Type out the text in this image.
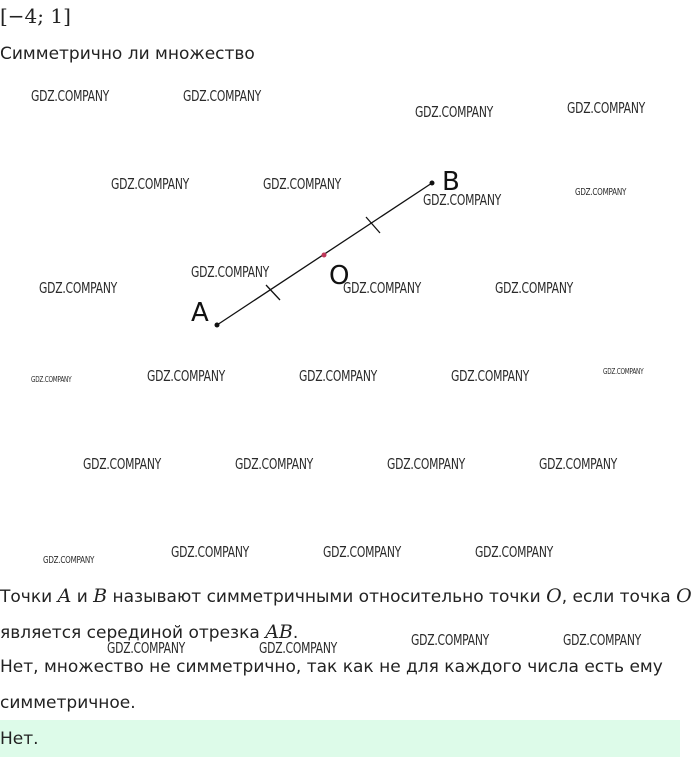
[−4; 1]
Симметрично ли множество
GDZ.COMPANY	GDZ.COMPANY
GDZ.COMPANY	GDZ.COMPANY
GDZ.COMPANY	GDZ.COMPANY
GDZ.COMPANY	GDZ.COMPANY
GDZ.COMPANY
GDZ.COMPANY	GDZ.COMPANY	GDZ.COMPANY
GDZ.COMPANY	GDZ.COMPANY	GDZ.COMPANY	GDZ.COMPANY	GDZ.COMPANY
GDZ.COMPANY	GDZ.COMPANY	GDZ.COMPANY	GDZ.COMPANY
GDZ.COMPANY	GDZ.COMPANY	GDZ.COMPANY	GDZ.COMPANY
GDZ.COMPANY	GDZ.COMPANY	GDZ.COMPANY	GDZ.COMPANY
A
B
O
Точки A и B называют симметричными относительно точки O, если точка O
является серединой отрезка AB.
Нет, множество не симметрично, так как не для каждого числа есть ему
симметричное.
Нет.
